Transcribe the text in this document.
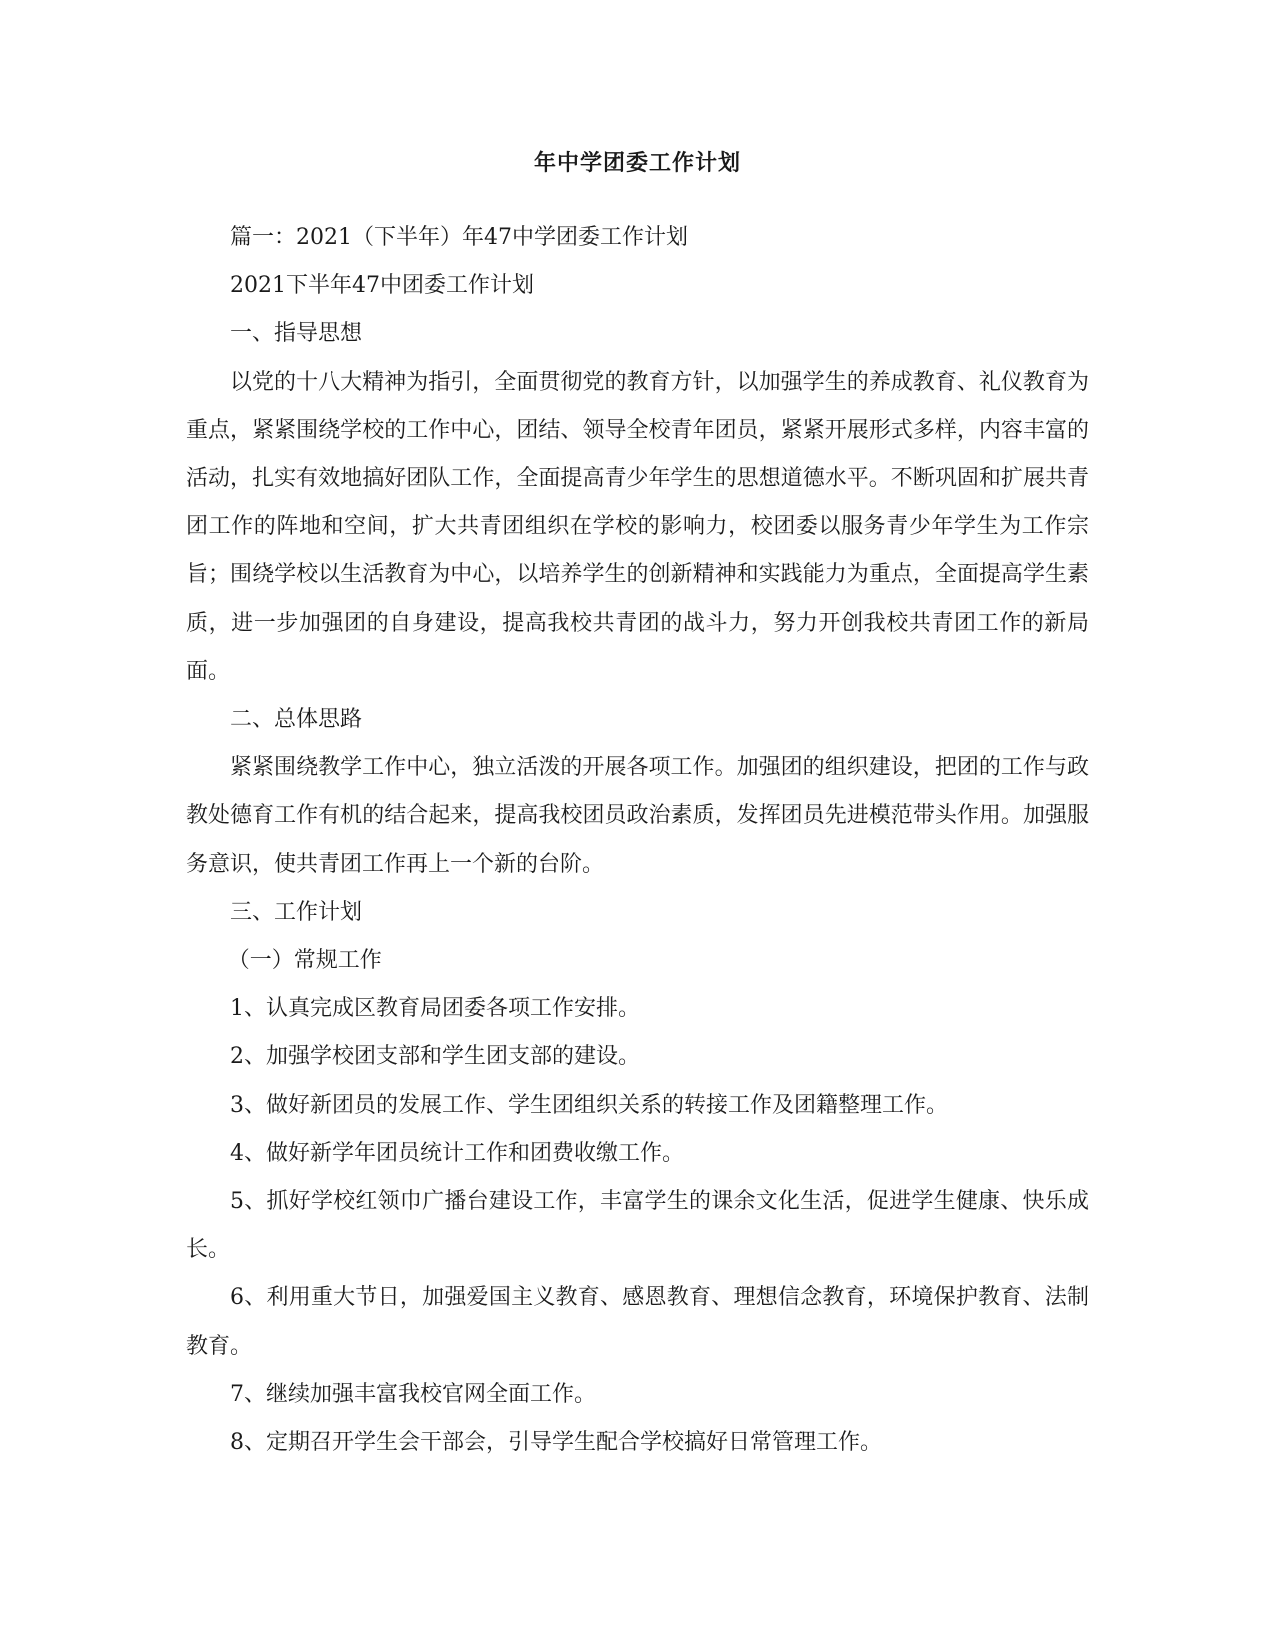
年中学团委工作计划

篇一：2021（下半年）年47中学团委工作计划

2021下半年47中团委工作计划

一、指导思想

以党的十八大精神为指引，全面贯彻党的教育方针，以加强学生的养成教育、礼仪教育为重点，紧紧围绕学校的工作中心，团结、领导全校青年团员，紧紧开展形式多样，内容丰富的活动，扎实有效地搞好团队工作，全面提高青少年学生的思想道德水平。不断巩固和扩展共青团工作的阵地和空间，扩大共青团组织在学校的影响力，校团委以服务青少年学生为工作宗旨；围绕学校以生活教育为中心，以培养学生的创新精神和实践能力为重点，全面提高学生素质，进一步加强团的自身建设，提高我校共青团的战斗力，努力开创我校共青团工作的新局面。

二、总体思路

紧紧围绕教学工作中心，独立活泼的开展各项工作。加强团的组织建设，把团的工作与政教处德育工作有机的结合起来，提高我校团员政治素质，发挥团员先进模范带头作用。加强服务意识，使共青团工作再上一个新的台阶。

三、工作计划

（一）常规工作

1、认真完成区教育局团委各项工作安排。

2、加强学校团支部和学生团支部的建设。

3、做好新团员的发展工作、学生团组织关系的转接工作及团籍整理工作。

4、做好新学年团员统计工作和团费收缴工作。

5、抓好学校红领巾广播台建设工作，丰富学生的课余文化生活，促进学生健康、快乐成长。

6、利用重大节日，加强爱国主义教育、感恩教育、理想信念教育，环境保护教育、法制教育。

7、继续加强丰富我校官网全面工作。

8、定期召开学生会干部会，引导学生配合学校搞好日常管理工作。
